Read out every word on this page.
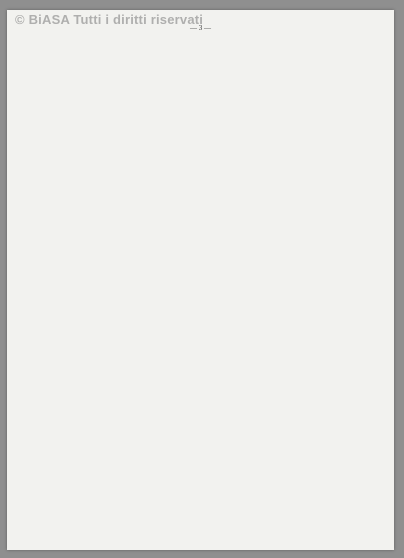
© BiASA Tutti i diritti riservati
— 3 —
